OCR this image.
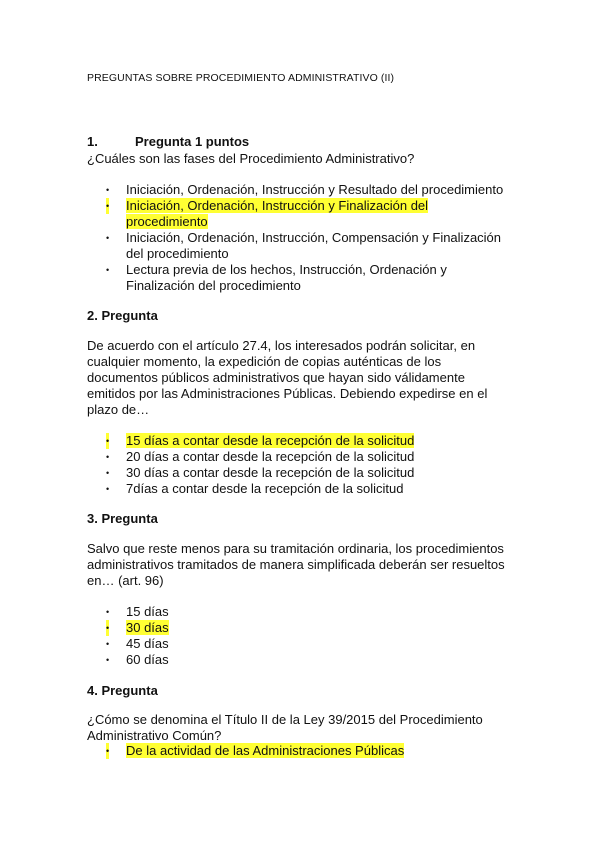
PREGUNTAS SOBRE PROCEDIMIENTO ADMINISTRATIVO (II)
1.	Pregunta 1 puntos
¿Cuáles son las fases del Procedimiento Administrativo?
• Iniciación, Ordenación, Instrucción y Resultado del procedimiento
• Iniciación, Ordenación, Instrucción y Finalización del
procedimiento
• Iniciación, Ordenación, Instrucción, Compensación y Finalización
del procedimiento
• Lectura previa de los hechos, Instrucción, Ordenación y
Finalización del procedimiento
2. Pregunta
De acuerdo con el artículo 27.4, los interesados podrán solicitar, en
cualquier momento, la expedición de copias auténticas de los
documentos públicos administrativos que hayan sido válidamente
emitidos por las Administraciones Públicas. Debiendo expedirse en el
plazo de…
• 15 días a contar desde la recepción de la solicitud
• 20 días a contar desde la recepción de la solicitud
• 30 días a contar desde la recepción de la solicitud
• 7días a contar desde la recepción de la solicitud
3. Pregunta
Salvo que reste menos para su tramitación ordinaria, los procedimientos
administrativos tramitados de manera simplificada deberán ser resueltos
en… (art. 96)
• 15 días
• 30 días
• 45 días
• 60 días
4. Pregunta
¿Cómo se denomina el Título II de la Ley 39/2015 del Procedimiento
Administrativo Común?
• De la actividad de las Administraciones Públicas
